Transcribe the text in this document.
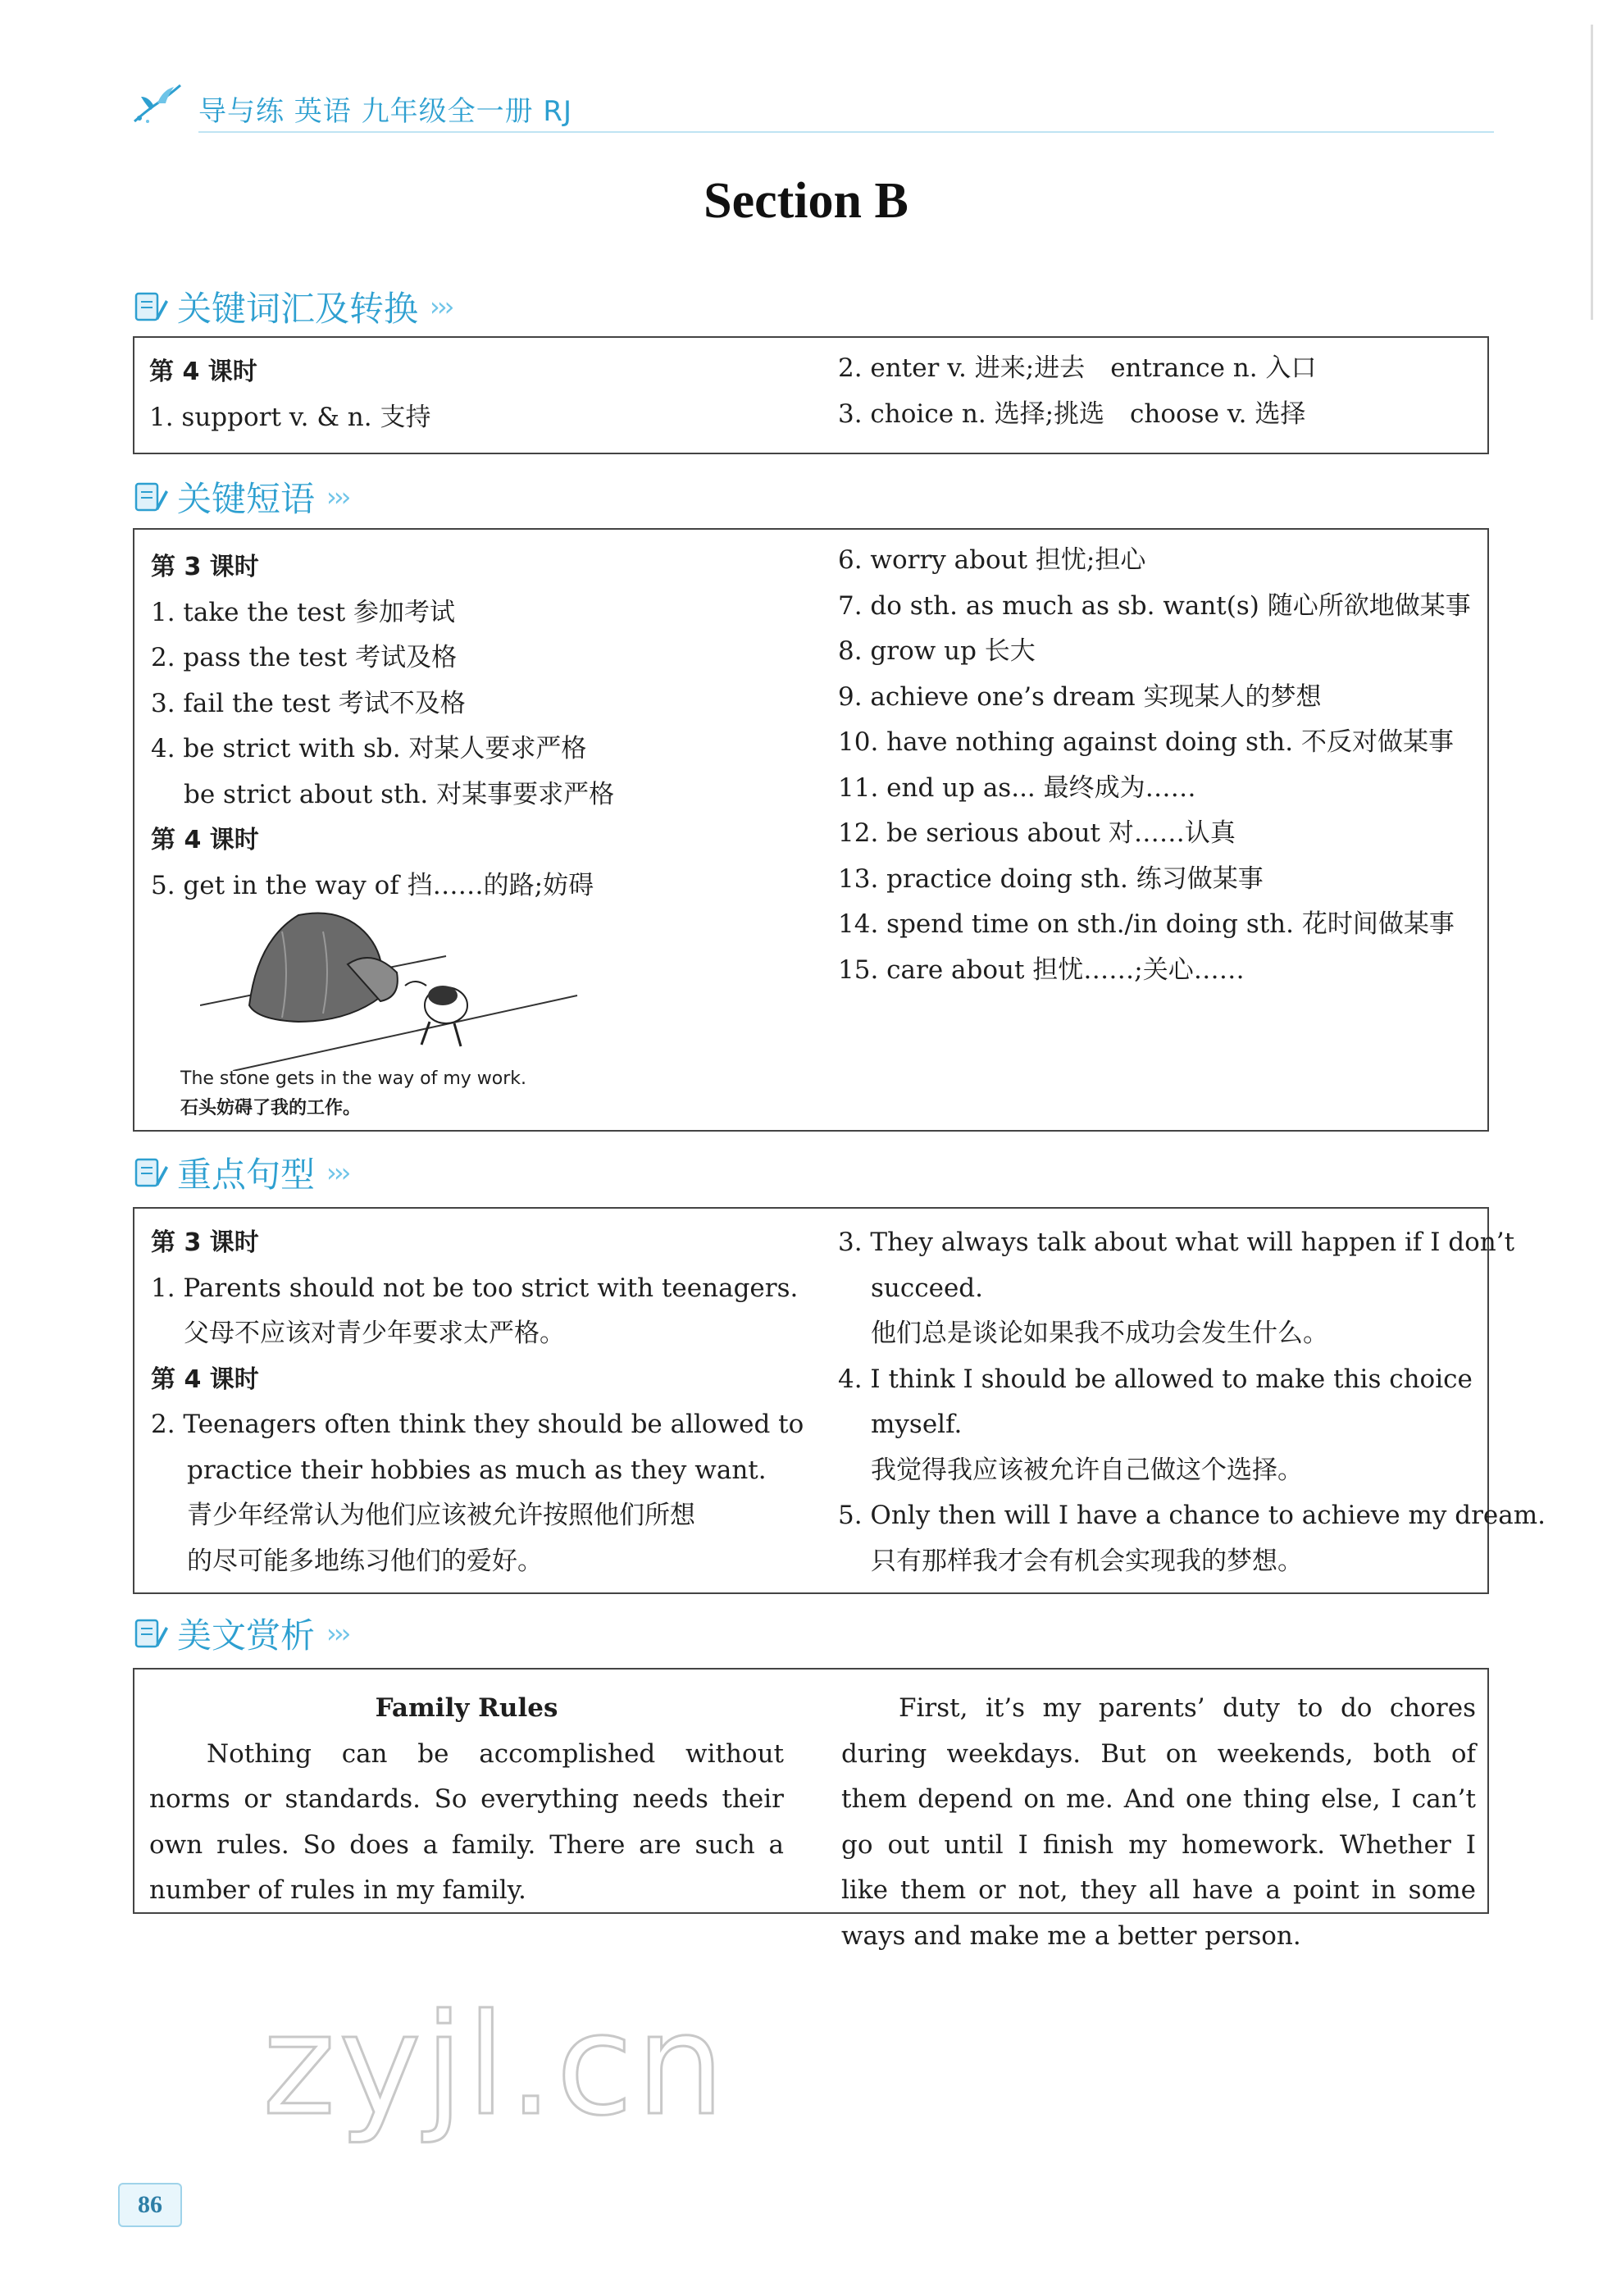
导与练 英语 九年级全一册 RJ
Section B
关键词汇及转换 ›››
第 4 课时
1. support v. & n. 支持
2. enter v. 进来;进去　entrance n. 入口
3. choice n. 选择;挑选　choose v. 选择
关键短语 ›››
第 3 课时
1. take the test 参加考试
2. pass the test 考试及格
3. fail the test 考试不及格
4. be strict with sb. 对某人要求严格
be strict about sth. 对某事要求严格
第 4 课时
5. get in the way of 挡……的路;妨碍
The stone gets in the way of my work.
石头妨碍了我的工作。
6. worry about 担忧;担心
7. do sth. as much as sb. want(s) 随心所欲地做某事
8. grow up 长大
9. achieve one’s dream 实现某人的梦想
10. have nothing against doing sth. 不反对做某事
11. end up as... 最终成为……
12. be serious about 对……认真
13. practice doing sth. 练习做某事
14. spend time on sth./in doing sth. 花时间做某事
15. care about 担忧……;关心……
重点句型 ›››
第 3 课时
1. Parents should not be too strict with teenagers.
父母不应该对青少年要求太严格。
第 4 课时
2. Teenagers often think they should be allowed to
practice their hobbies as much as they want.
青少年经常认为他们应该被允许按照他们所想
的尽可能多地练习他们的爱好。
3. They always talk about what will happen if I don’t
succeed.
他们总是谈论如果我不成功会发生什么。
4. I think I should be allowed to make this choice
myself.
我觉得我应该被允许自己做这个选择。
5. Only then will I have a chance to achieve my dream.
只有那样我才会有机会实现我的梦想。
美文赏析 ›››
Family Rules
Nothing can be accomplished without norms or standards. So everything needs their own rules. So does a family. There are such a number of rules in my family.
First, it’s my parents’ duty to do chores during weekdays. But on weekends, both of them depend on me. And one thing else, I can’t go out until I finish my homework. Whether I like them or not, they all have a point in some ways and make me a better person.
zyjl.cn
86
